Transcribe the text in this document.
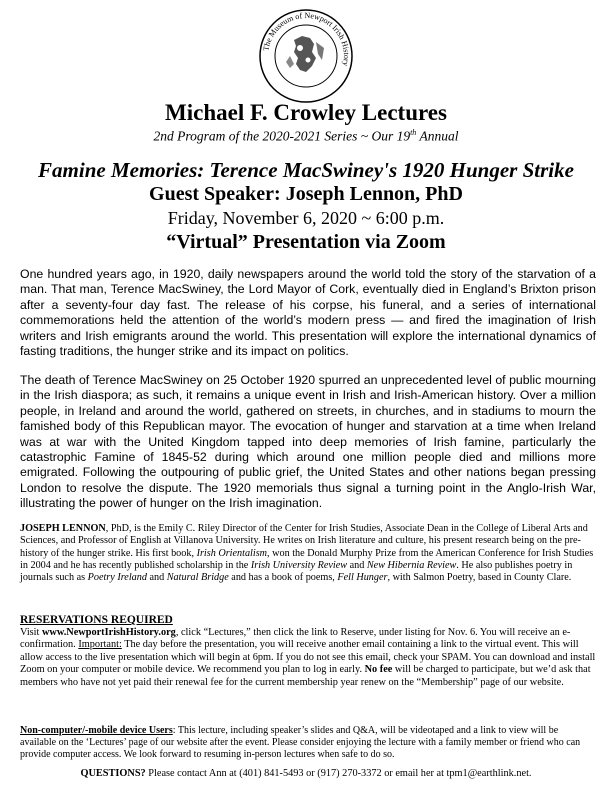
The Museum of Newport Irish History
Michael F. Crowley Lectures
2nd Program of the 2020-2021 Series ~ Our 19th Annual
Famine Memories: Terence MacSwiney's 1920 Hunger Strike
Guest Speaker: Joseph Lennon, PhD
Friday, November 6, 2020 ~ 6:00 p.m.
“Virtual” Presentation via Zoom
One hundred years ago, in 1920, daily newspapers around the world told the story of the starvation of a man. That man, Terence MacSwiney, the Lord Mayor of Cork, eventually died in England’s Brixton prison after a seventy-four day fast. The release of his corpse, his funeral, and a series of international commemorations held the attention of the world’s modern press — and fired the imagination of Irish writers and Irish emigrants around the world. This presentation will explore the international dynamics of fasting traditions, the hunger strike and its impact on politics.
The death of Terence MacSwiney on 25 October 1920 spurred an unprecedented level of public mourning in the Irish diaspora; as such, it remains a unique event in Irish and Irish-American history. Over a million people, in Ireland and around the world, gathered on streets, in churches, and in stadiums to mourn the famished body of this Republican mayor. The evocation of hunger and starvation at a time when Ireland was at war with the United Kingdom tapped into deep memories of Irish famine, particularly the catastrophic Famine of 1845-52 during which around one million people died and millions more emigrated. Following the outpouring of public grief, the United States and other nations began pressing London to resolve the dispute. The 1920 memorials thus signal a turning point in the Anglo-Irish War, illustrating the power of hunger on the Irish imagination.
JOSEPH LENNON, PhD, is the Emily C. Riley Director of the Center for Irish Studies, Associate Dean in the College of Liberal Arts and Sciences, and Professor of English at Villanova University. He writes on Irish literature and culture, his present research being on the pre-history of the hunger strike. His first book, Irish Orientalism, won the Donald Murphy Prize from the American Conference for Irish Studies in 2004 and he has recently published scholarship in the Irish University Review and New Hibernia Review. He also publishes poetry in journals such as Poetry Ireland and Natural Bridge and has a book of poems, Fell Hunger, with Salmon Poetry, based in County Clare.
RESERVATIONS REQUIRED
Visit www.NewportIrishHistory.org, click “Lectures,” then click the link to Reserve, under listing for Nov. 6. You will receive an e-confirmation. Important: The day before the presentation, you will receive another email containing a link to the virtual event. This will allow access to the live presentation which will begin at 6pm. If you do not see this email, check your SPAM. You can download and install Zoom on your computer or mobile device. We recommend you plan to log in early. No fee will be charged to participate, but we’d ask that members who have not yet paid their renewal fee for the current membership year renew on the “Membership” page of our website.
Non-computer/-mobile device Users: This lecture, including speaker’s slides and Q&A, will be videotaped and a link to view will be available on the ‘Lectures’ page of our website after the event. Please consider enjoying the lecture with a family member or friend who can provide computer access. We look forward to resuming in-person lectures when safe to do so.
QUESTIONS? Please contact Ann at (401) 841-5493 or (917) 270-3372 or email her at tpm1@earthlink.net.
